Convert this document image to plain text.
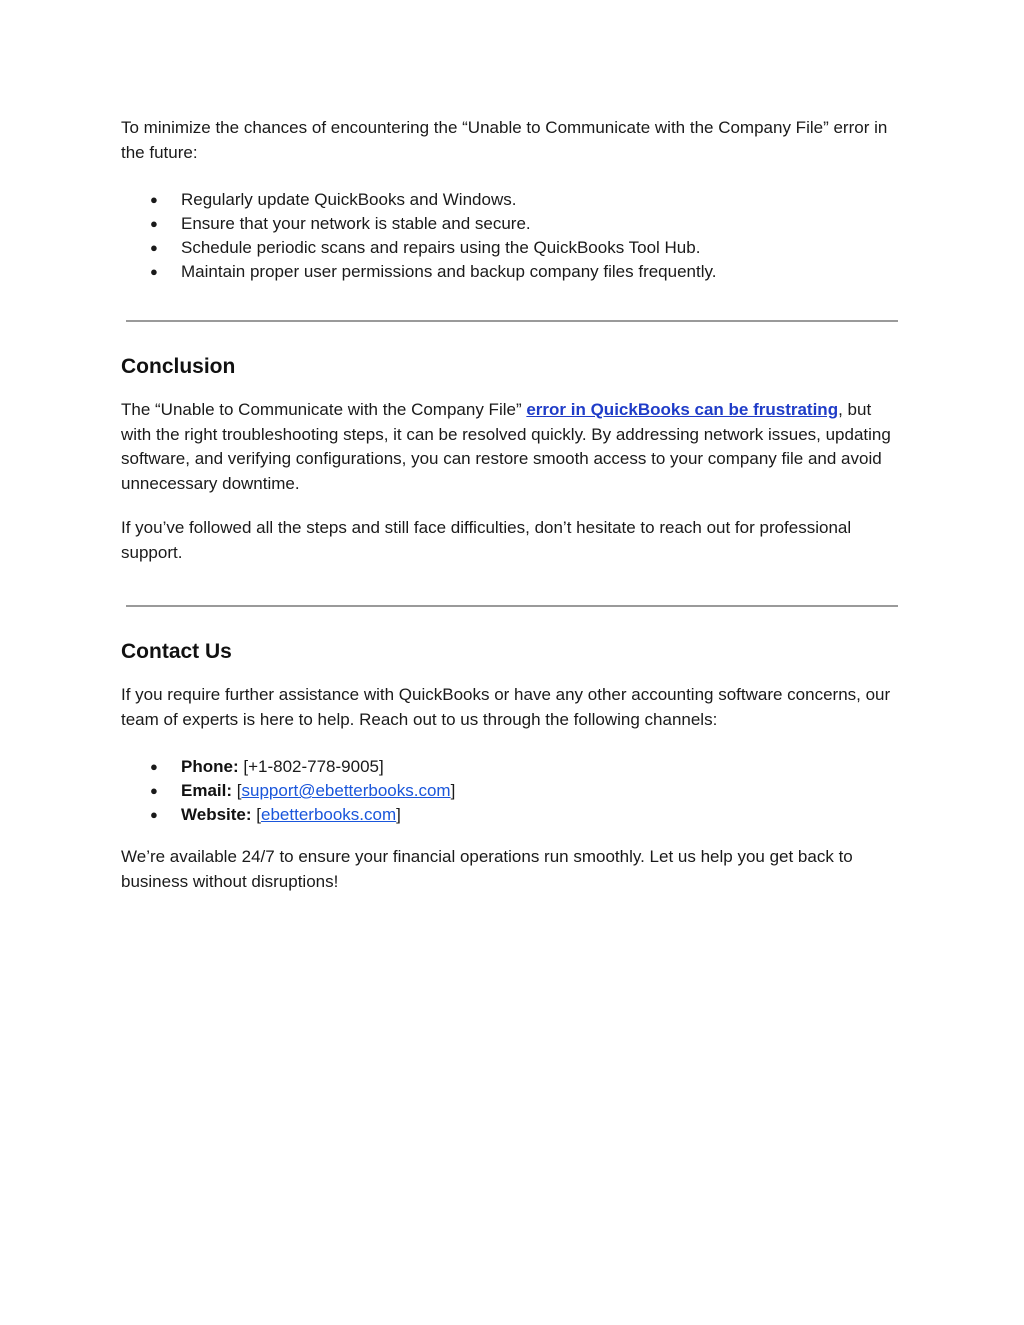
To minimize the chances of encountering the “Unable to Communicate with the Company File” error in the future:

● Regularly update QuickBooks and Windows.
● Ensure that your network is stable and secure.
● Schedule periodic scans and repairs using the QuickBooks Tool Hub.
● Maintain proper user permissions and backup company files frequently.
Conclusion

The “Unable to Communicate with the Company File” error in QuickBooks can be frustrating, but with the right troubleshooting steps, it can be resolved quickly. By addressing network issues, updating software, and verifying configurations, you can restore smooth access to your company file and avoid unnecessary downtime.

If you’ve followed all the steps and still face difficulties, don’t hesitate to reach out for professional support.

Contact Us

If you require further assistance with QuickBooks or have any other accounting software concerns, our team of experts is here to help. Reach out to us through the following channels:

● Phone: [+1-802-778-9005]
● Email: [support@ebetterbooks.com]
● Website: [ebetterbooks.com]

We’re available 24/7 to ensure your financial operations run smoothly. Let us help you get back to business without disruptions!
